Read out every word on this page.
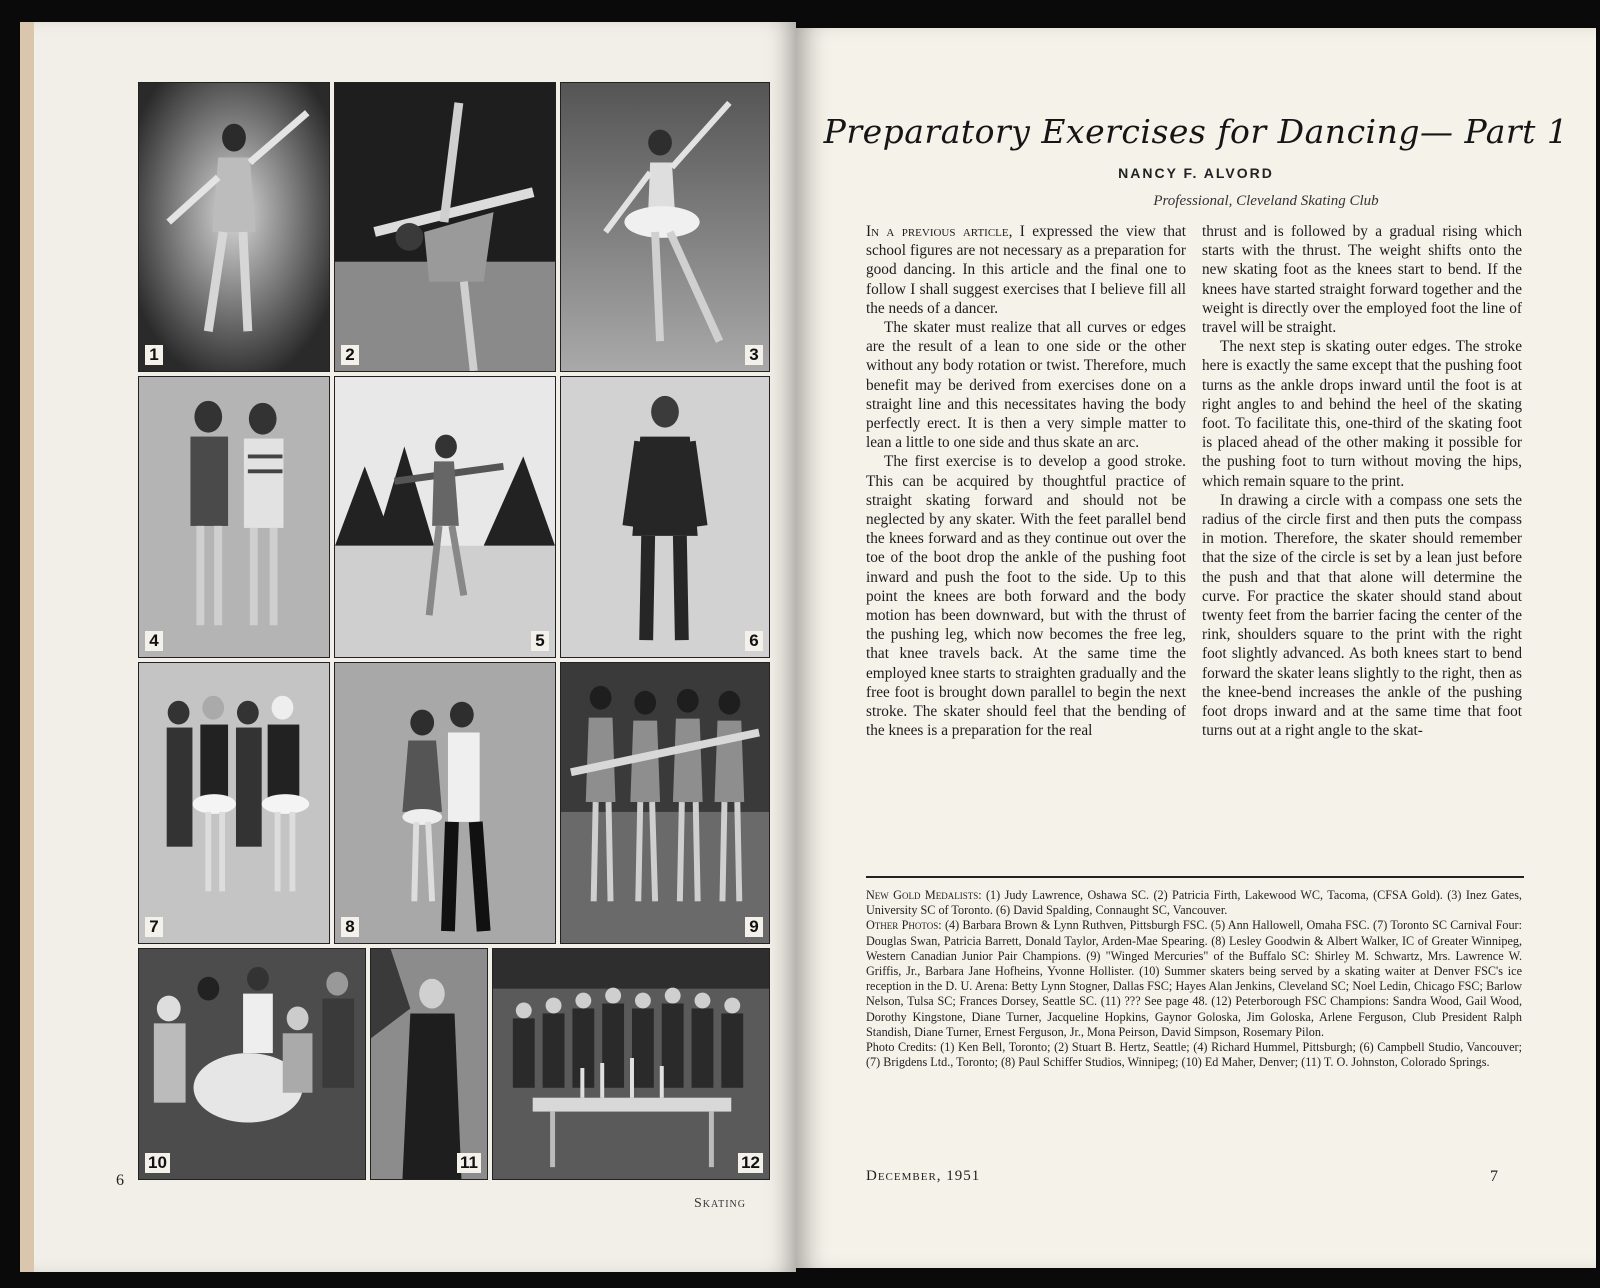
1	2	3
4	5	6
7	8	9
10	11	12
6
Skating
Preparatory Exercises for Dancing— Part 1
NANCY F. ALVORD
Professional, Cleveland Skating Club

In a previous article, I expressed the view that school figures are not necessary as a preparation for good dancing. In this article and the final one to follow I shall suggest exercises that I believe fill all the needs of a dancer.

The skater must realize that all curves or edges are the result of a lean to one side or the other without any body rotation or twist. Therefore, much benefit may be derived from exercises done on a straight line and this necessitates having the body perfectly erect. It is then a very simple matter to lean a little to one side and thus skate an arc.

The first exercise is to develop a good stroke. This can be acquired by thoughtful practice of straight skating forward and should not be neglected by any skater. With the feet parallel bend the knees forward and as they continue out over the toe of the boot drop the ankle of the pushing foot inward and push the foot to the side. Up to this point the knees are both forward and the body motion has been downward, but with the thrust of the pushing leg, which now becomes the free leg, that knee travels back. At the same time the employed knee starts to straighten gradually and the free foot is brought down parallel to begin the next stroke. The skater should feel that the bending of the knees is a preparation for the real

thrust and is followed by a gradual rising which starts with the thrust. The weight shifts onto the new skating foot as the knees start to bend. If the knees have started straight forward together and the weight is directly over the employed foot the line of travel will be straight.

The next step is skating outer edges. The stroke here is exactly the same except that the pushing foot turns as the ankle drops inward until the foot is at right angles to and behind the heel of the skating foot. To facilitate this, one-third of the skating foot is placed ahead of the other making it possible for the pushing foot to turn without moving the hips, which remain square to the print.

In drawing a circle with a compass one sets the radius of the circle first and then puts the compass in motion. Therefore, the skater should remember that the size of the circle is set by a lean just before the push and that that alone will determine the curve. For practice the skater should stand about twenty feet from the barrier facing the center of the rink, shoulders square to the print with the right foot slightly advanced. As both knees start to bend forward the skater leans slightly to the right, then as the knee-bend increases the ankle of the pushing foot drops inward and at the same time that foot turns out at a right angle to the skat-

New Gold Medalists: (1) Judy Lawrence, Oshawa SC. (2) Patricia Firth, Lakewood WC, Tacoma, (CFSA Gold). (3) Inez Gates, University SC of Toronto. (6) David Spalding, Connaught SC, Vancouver.

Other Photos: (4) Barbara Brown & Lynn Ruthven, Pittsburgh FSC. (5) Ann Hallowell, Omaha FSC. (7) Toronto SC Carnival Four: Douglas Swan, Patricia Barrett, Donald Taylor, Arden-Mae Spearing. (8) Lesley Goodwin & Albert Walker, IC of Greater Winnipeg, Western Canadian Junior Pair Champions. (9) "Winged Mercuries" of the Buffalo SC: Shirley M. Schwartz, Mrs. Lawrence W. Griffis, Jr., Barbara Jane Hofheins, Yvonne Hollister. (10) Summer skaters being served by a skating waiter at Denver FSC's ice reception in the D. U. Arena: Betty Lynn Stogner, Dallas FSC; Hayes Alan Jenkins, Cleveland SC; Noel Ledin, Chicago FSC; Barlow Nelson, Tulsa SC; Frances Dorsey, Seattle SC. (11) ??? See page 48. (12) Peterborough FSC Champions: Sandra Wood, Gail Wood, Dorothy Kingstone, Diane Turner, Jacqueline Hopkins, Gaynor Goloska, Jim Goloska, Arlene Ferguson, Club President Ralph Standish, Diane Turner, Ernest Ferguson, Jr., Mona Peirson, David Simpson, Rosemary Pilon.

Photo Credits: (1) Ken Bell, Toronto; (2) Stuart B. Hertz, Seattle; (4) Richard Hummel, Pittsburgh; (6) Campbell Studio, Vancouver; (7) Brigdens Ltd., Toronto; (8) Paul Schiffer Studios, Winnipeg; (10) Ed Maher, Denver; (11) T. O. Johnston, Colorado Springs.

December, 1951	7
